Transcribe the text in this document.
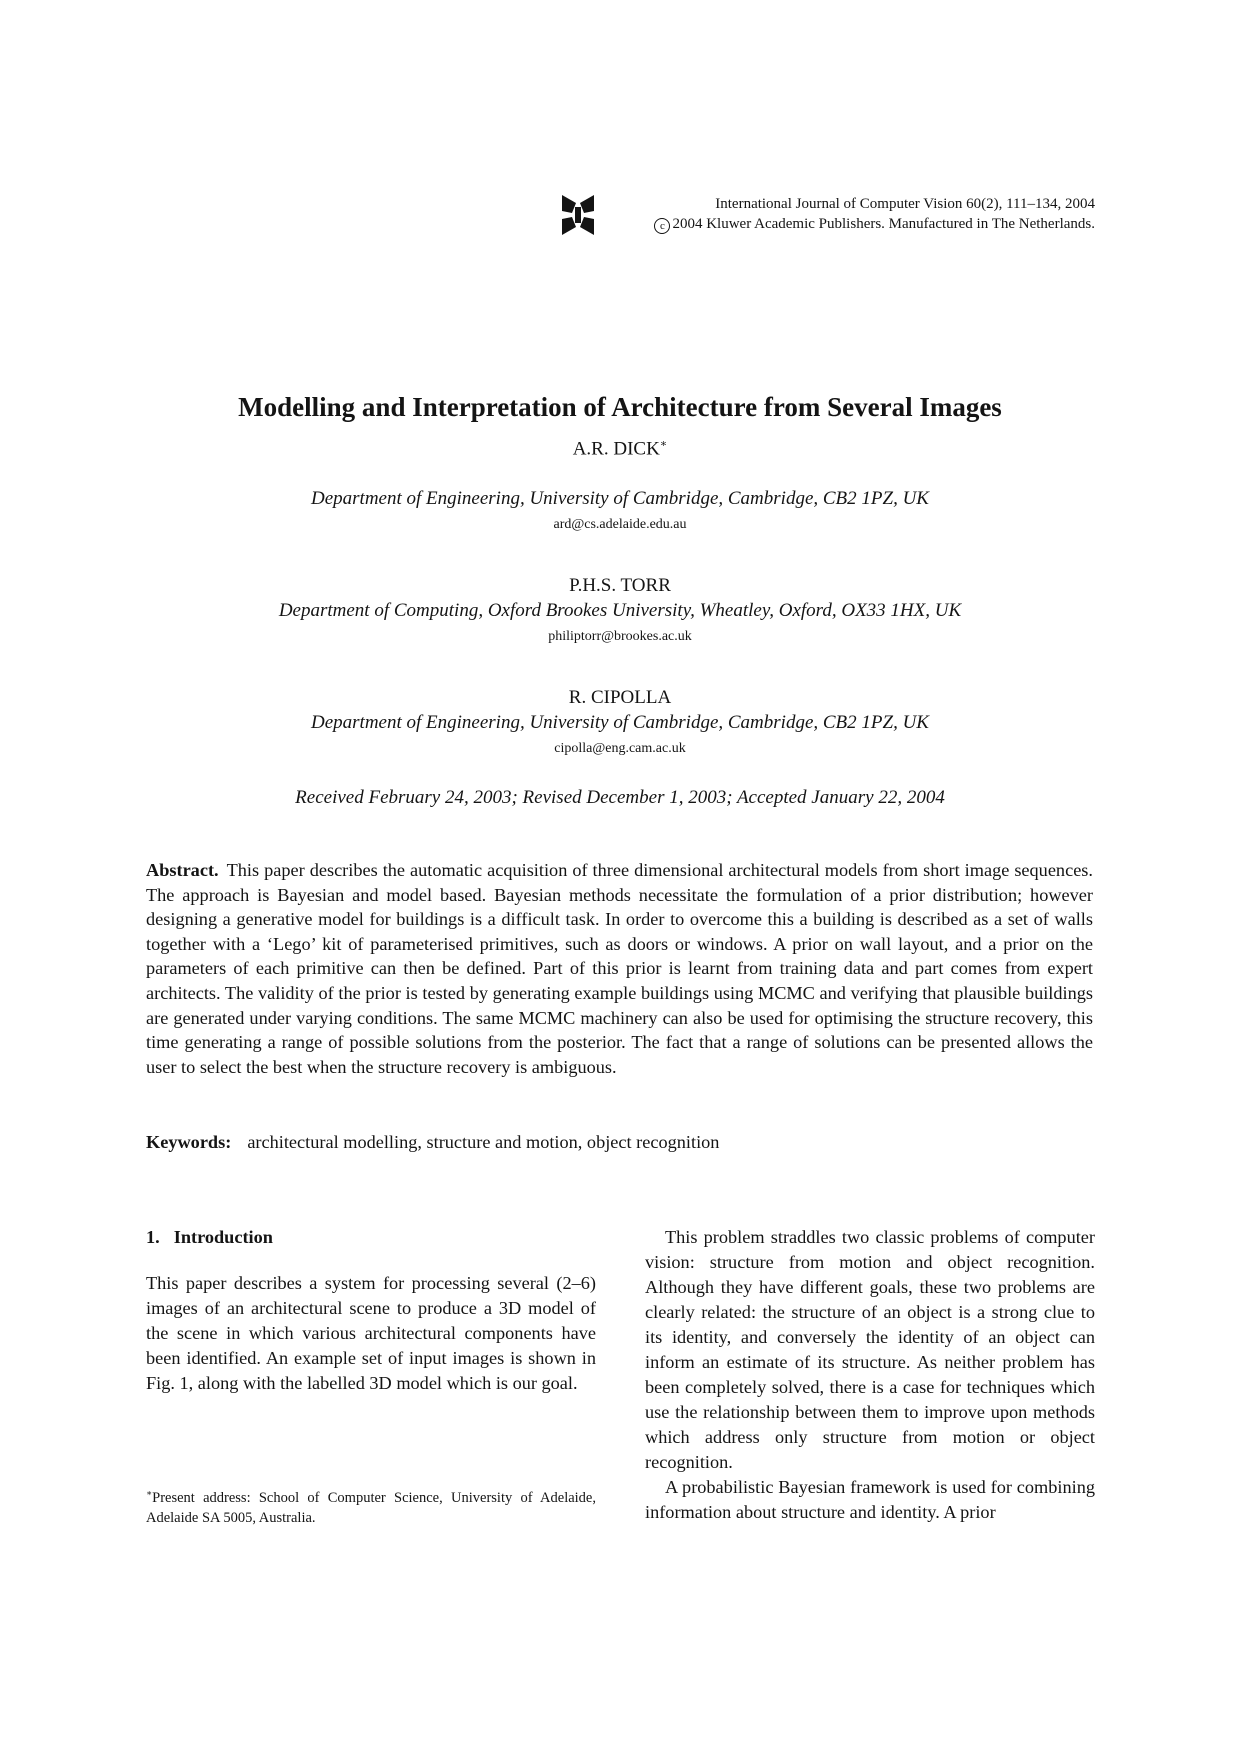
International Journal of Computer Vision 60(2), 111–134, 2004
c 2004 Kluwer Academic Publishers. Manufactured in The Netherlands.
Modelling and Interpretation of Architecture from Several Images
A.R. DICK∗
Department of Engineering, University of Cambridge, Cambridge, CB2 1PZ, UK
ard@cs.adelaide.edu.au
P.H.S. TORR
Department of Computing, Oxford Brookes University, Wheatley, Oxford, OX33 1HX, UK
philiptorr@brookes.ac.uk
R. CIPOLLA
Department of Engineering, University of Cambridge, Cambridge, CB2 1PZ, UK
cipolla@eng.cam.ac.uk
Received February 24, 2003; Revised December 1, 2003; Accepted January 22, 2004
Abstract. This paper describes the automatic acquisition of three dimensional architectural models from short image sequences. The approach is Bayesian and model based. Bayesian methods necessitate the formulation of a prior distribution; however designing a generative model for buildings is a difficult task. In order to overcome this a building is described as a set of walls together with a ‘Lego’ kit of parameterised primitives, such as doors or windows. A prior on wall layout, and a prior on the parameters of each primitive can then be defined. Part of this prior is learnt from training data and part comes from expert architects. The validity of the prior is tested by generating example buildings using MCMC and verifying that plausible buildings are generated under varying conditions. The same MCMC machinery can also be used for optimising the structure recovery, this time generating a range of possible solutions from the posterior. The fact that a range of solutions can be presented allows the user to select the best when the structure recovery is ambiguous.
Keywords: architectural modelling, structure and motion, object recognition
1. Introduction

This paper describes a system for processing several (2–6) images of an architectural scene to produce a 3D model of the scene in which various architectural components have been identified. An example set of input images is shown in Fig. 1, along with the labelled 3D model which is our goal.

∗Present address: School of Computer Science, University of Adelaide, Adelaide SA 5005, Australia.

This problem straddles two classic problems of computer vision: structure from motion and object recognition. Although they have different goals, these two problems are clearly related: the structure of an object is a strong clue to its identity, and conversely the identity of an object can inform an estimate of its structure. As neither problem has been completely solved, there is a case for techniques which use the relationship between them to improve upon methods which address only structure from motion or object recognition.

A probabilistic Bayesian framework is used for combining information about structure and identity. A prior
